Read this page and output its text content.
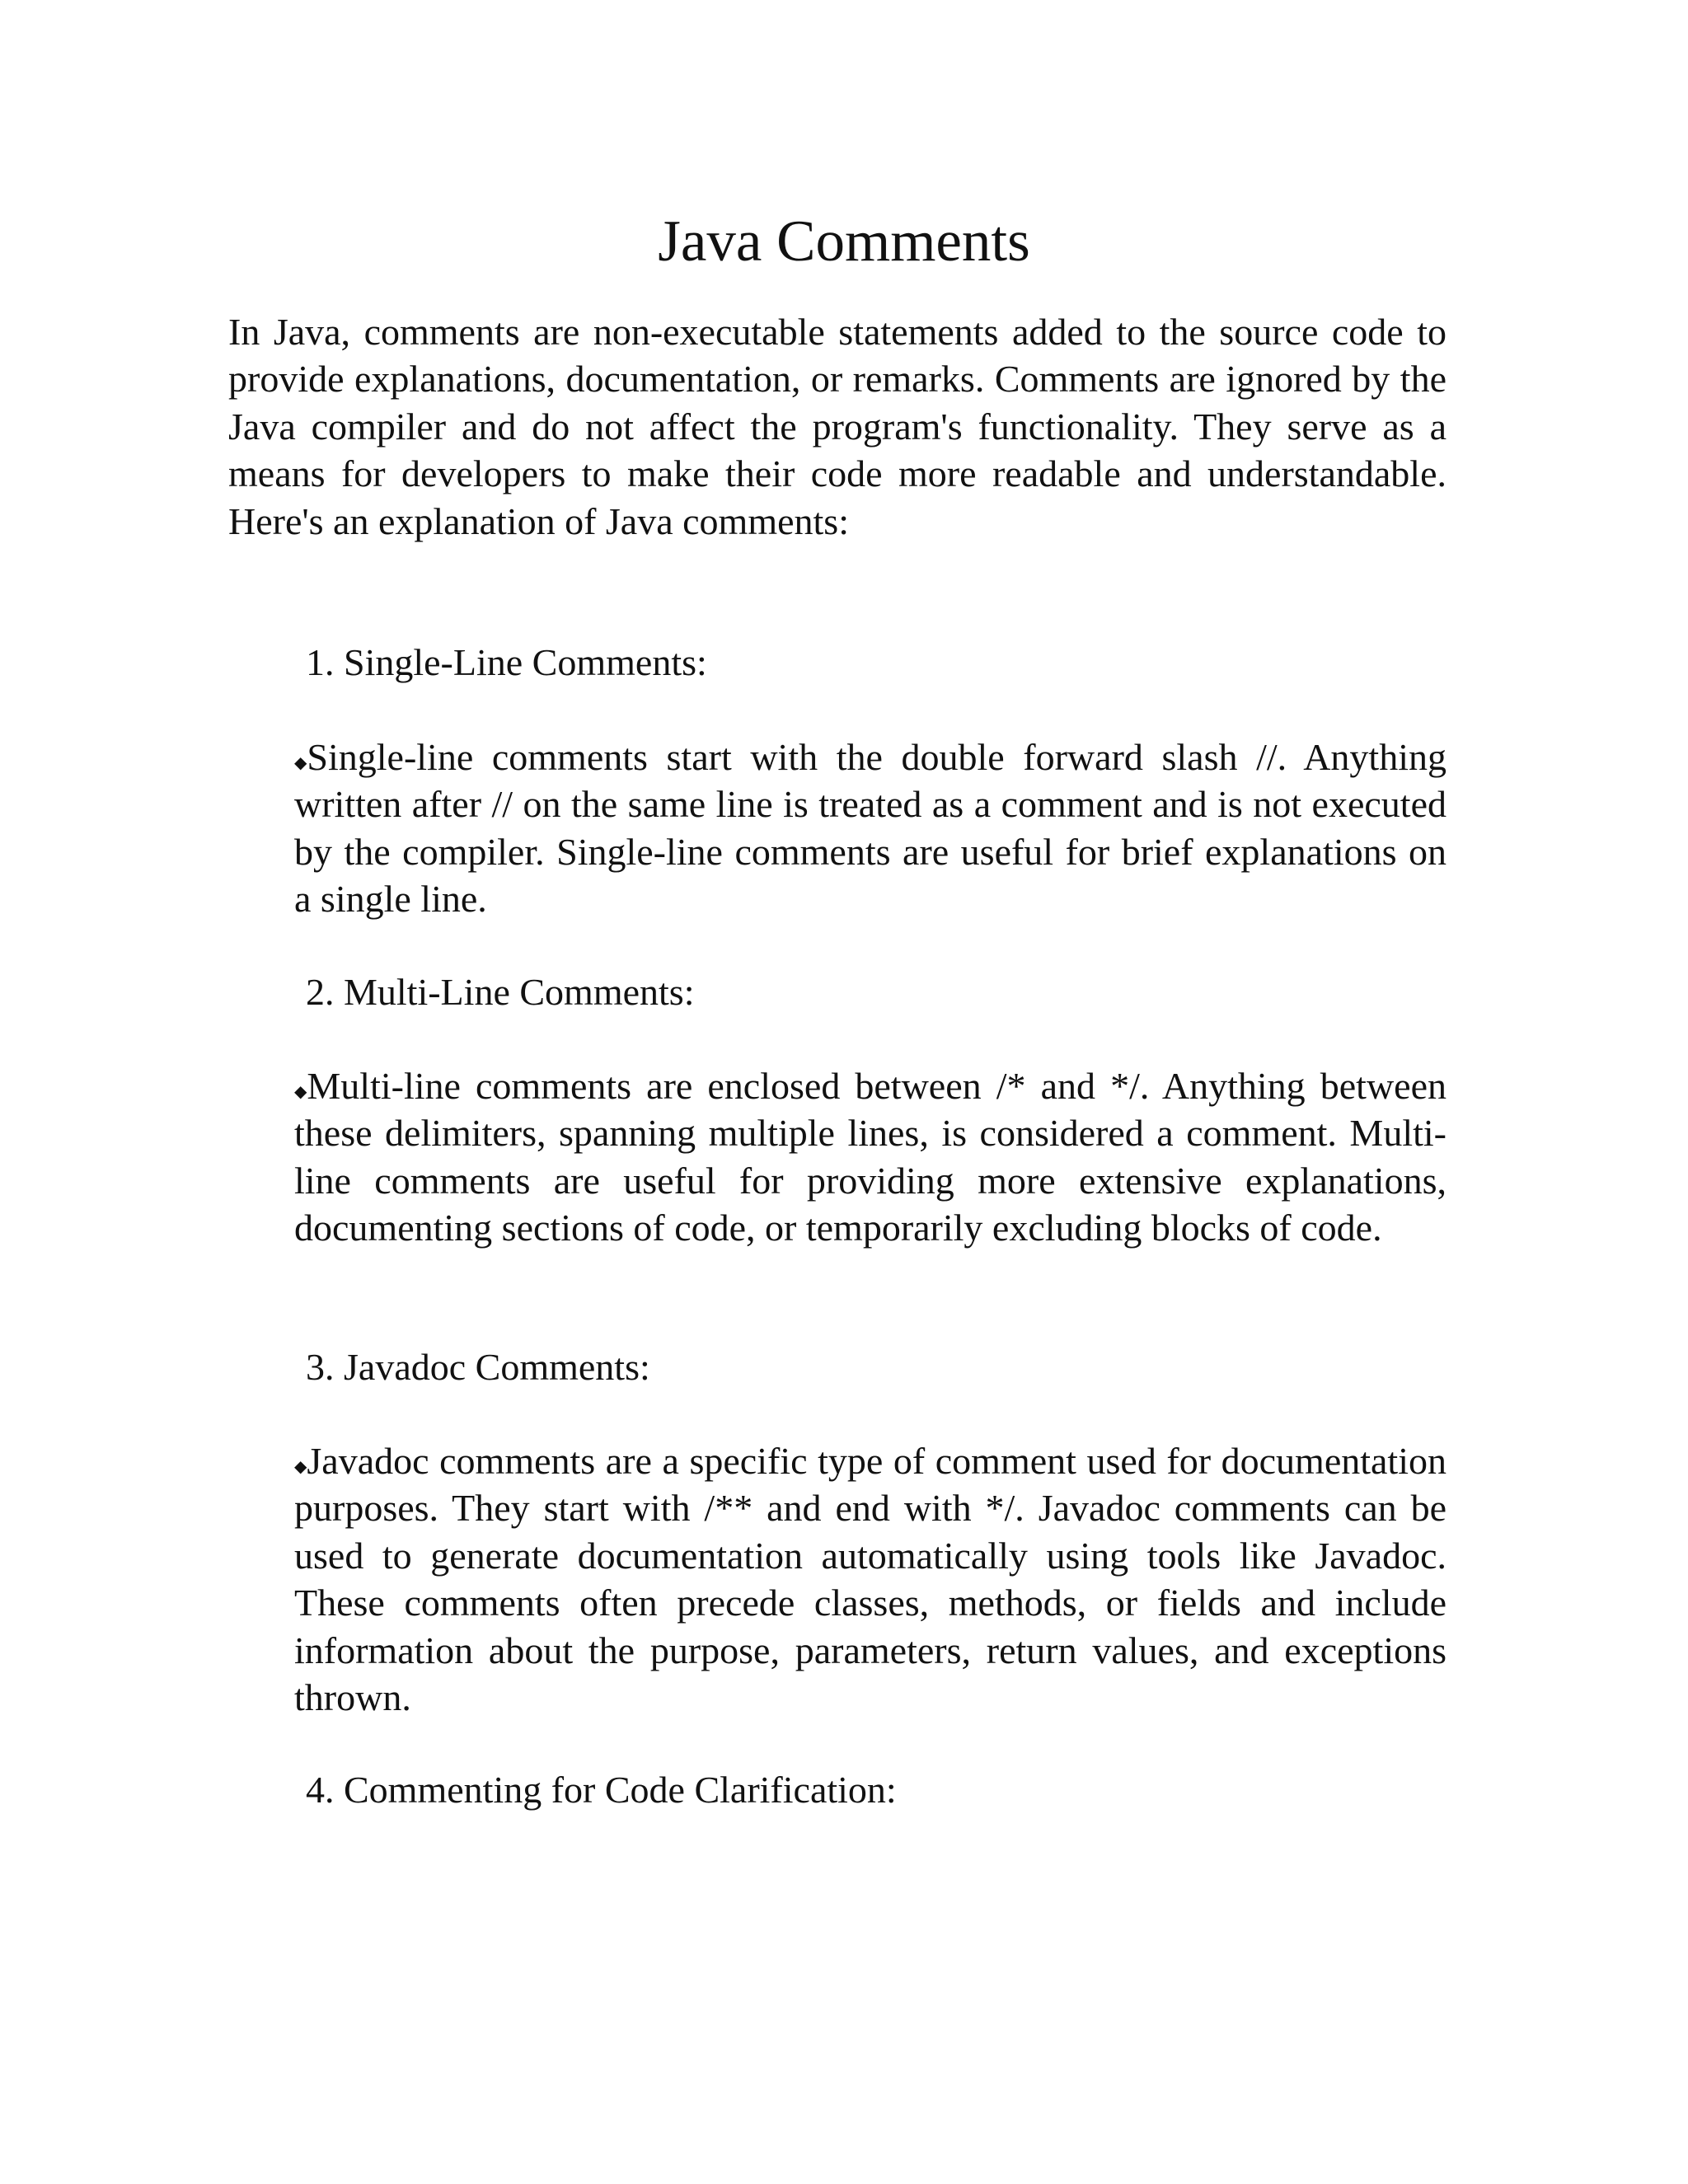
Java Comments

In Java, comments are non-executable statements added to the source code to provide explanations, documentation, or remarks. Comments are ignored by the Java compiler and do not affect the program's functionality. They serve as a means for developers to make their code more readable and understandable. Here's an explanation of Java comments:

1. Single-Line Comments:

◆Single-line comments start with the double forward slash //. Anything written after // on the same line is treated as a comment and is not executed by the compiler. Single-line comments are useful for brief explanations on a single line.

2. Multi-Line Comments:

◆Multi-line comments are enclosed between /* and */. Anything between these delimiters, spanning multiple lines, is considered a comment. Multi-line comments are useful for providing more extensive explanations, documenting sections of code, or temporarily excluding blocks of code.

3. Javadoc Comments:

◆Javadoc comments are a specific type of comment used for documentation purposes. They start with /** and end with */. Javadoc comments can be used to generate documentation automatically using tools like Javadoc. These comments often precede classes, methods, or fields and include information about the purpose, parameters, return values, and exceptions thrown.

4. Commenting for Code Clarification:
